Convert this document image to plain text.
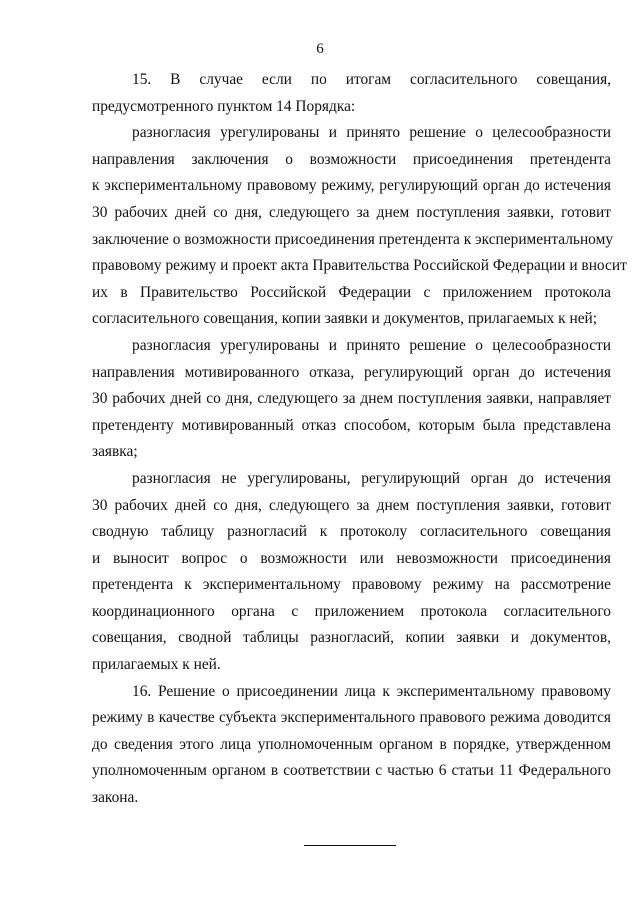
6
15. В случае если по итогам согласительного совещания,
предусмотренного пунктом 14 Порядка:
разногласия урегулированы и принято решение о целесообразности
направления заключения о возможности присоединения претендента
к экспериментальному правовому режиму, регулирующий орган до истечения
30 рабочих дней со дня, следующего за днем поступления заявки, готовит
заключение о возможности присоединения претендента к экспериментальному
правовому режиму и проект акта Правительства Российской Федерации и вносит
их в Правительство Российской Федерации с приложением протокола
согласительного совещания, копии заявки и документов, прилагаемых к ней;
разногласия урегулированы и принято решение о целесообразности
направления мотивированного отказа, регулирующий орган до истечения
30 рабочих дней со дня, следующего за днем поступления заявки, направляет
претенденту мотивированный отказ способом, которым была представлена
заявка;
разногласия не урегулированы, регулирующий орган до истечения
30 рабочих дней со дня, следующего за днем поступления заявки, готовит
сводную таблицу разногласий к протоколу согласительного совещания
и выносит вопрос о возможности или невозможности присоединения
претендента к экспериментальному правовому режиму на рассмотрение
координационного органа с приложением протокола согласительного
совещания, сводной таблицы разногласий, копии заявки и документов,
прилагаемых к ней.
16. Решение о присоединении лица к экспериментальному правовому
режиму в качестве субъекта экспериментального правового режима доводится
до сведения этого лица уполномоченным органом в порядке, утвержденном
уполномоченным органом в соответствии с частью 6 статьи 11 Федерального
закона.
